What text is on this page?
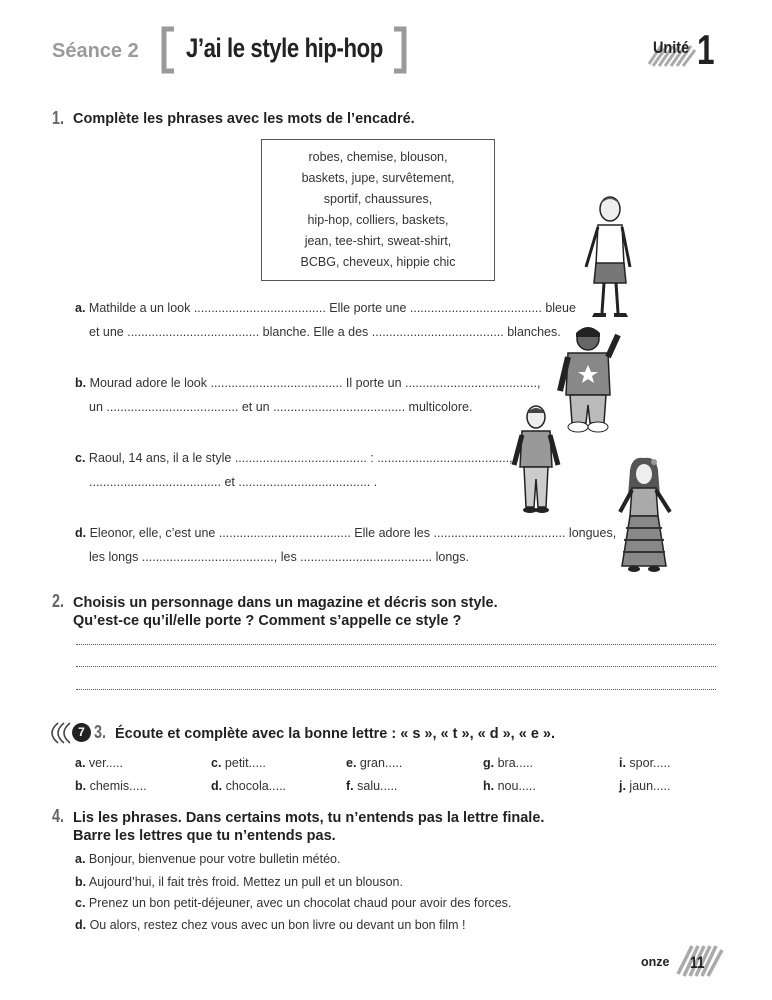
Séance 2 J’ai le style hip-hop	Unité 1
1. Complète les phrases avec les mots de l’encadré.
robes, chemise, blouson,
baskets, jupe, survêtement,
sportif, chaussures,
hip-hop, colliers, baskets,
jean, tee-shirt, sweat-shirt,
BCBG, cheveux, hippie chic
a. Mathilde a un look ...................................... Elle porte une ...................................... bleue
et une ...................................... blanche. Elle a des ...................................... blanches.
b. Mourad adore le look ...................................... Il porte un ......................................,
un ...................................... et un ...................................... multicolore.
c. Raoul, 14 ans, il a le style ...................................... : ......................................,
...................................... et ...................................... .
d. Eleonor, elle, c’est une ...................................... Elle adore les ...................................... longues,
les longs ......................................, les ...................................... longs.
2. Choisis un personnage dans un magazine et décris son style.
Qu’est-ce qu’il/elle porte ? Comment s’appelle ce style ?
7 3. Écoute et complète avec la bonne lettre : « s », « t », « d », « e ».
a. ver.....	c. petit.....	e. gran.....	g. bra.....	i. spor.....
b. chemis.....	d. chocola.....	f. salu.....	h. nou.....	j. jaun.....
4. Lis les phrases. Dans certains mots, tu n’entends pas la lettre finale.
Barre les lettres que tu n’entends pas.
a. Bonjour, bienvenue pour votre bulletin météo.
b. Aujourd’hui, il fait très froid. Mettez un pull et un blouson.
c. Prenez un bon petit-déjeuner, avec un chocolat chaud pour avoir des forces.
d. Ou alors, restez chez vous avec un bon livre ou devant un bon film !
onze 11
